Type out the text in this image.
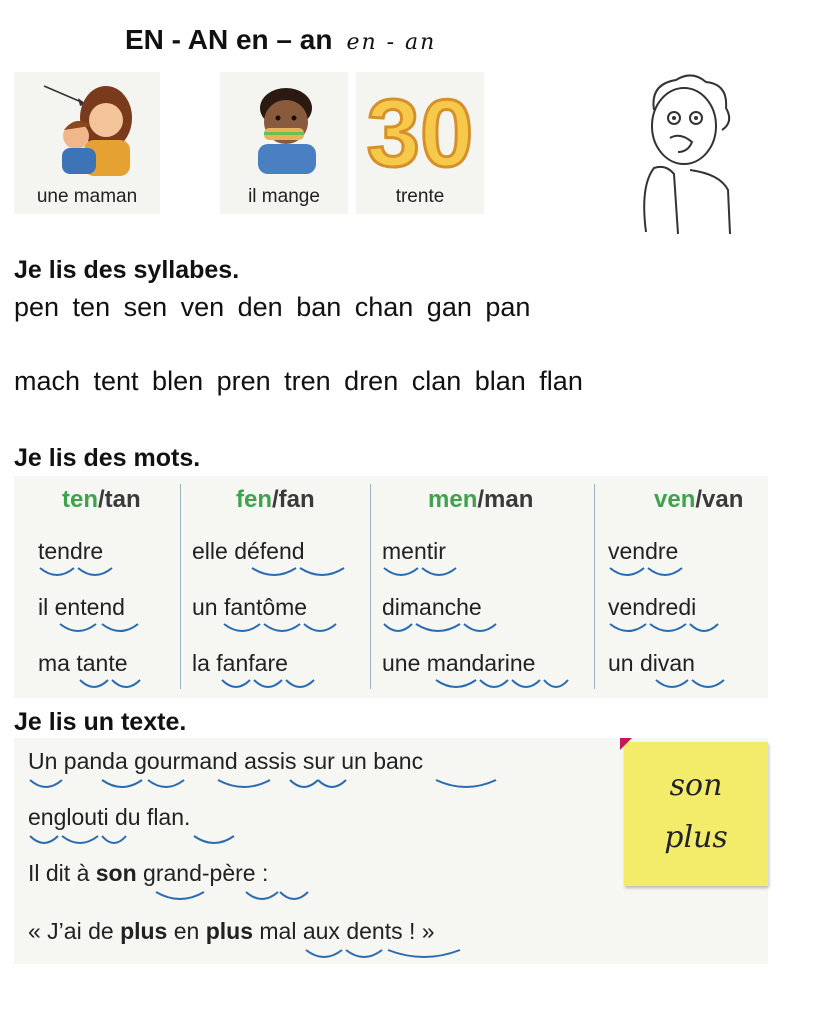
EN - AN en – an en - an
une maman	il mange
30
trente
Je lis des syllabes.
pen ten sen ven den ban chan gan pan
mach tent blen pren tren dren clan blan flan
Je lis des mots.
ten/tan	fen/fan	men/man	ven/van
tendre	elle défend	mentir	vendre
il entend	un fantôme	dimanche	vendredi
ma tante	la fanfare	une mandarine	un divan
Je lis un texte.
Un panda gourmand assis sur un banc
englouti du flan.
Il dit à son grand-père :
« J’ai de plus en plus mal aux dents ! »
son
plus
